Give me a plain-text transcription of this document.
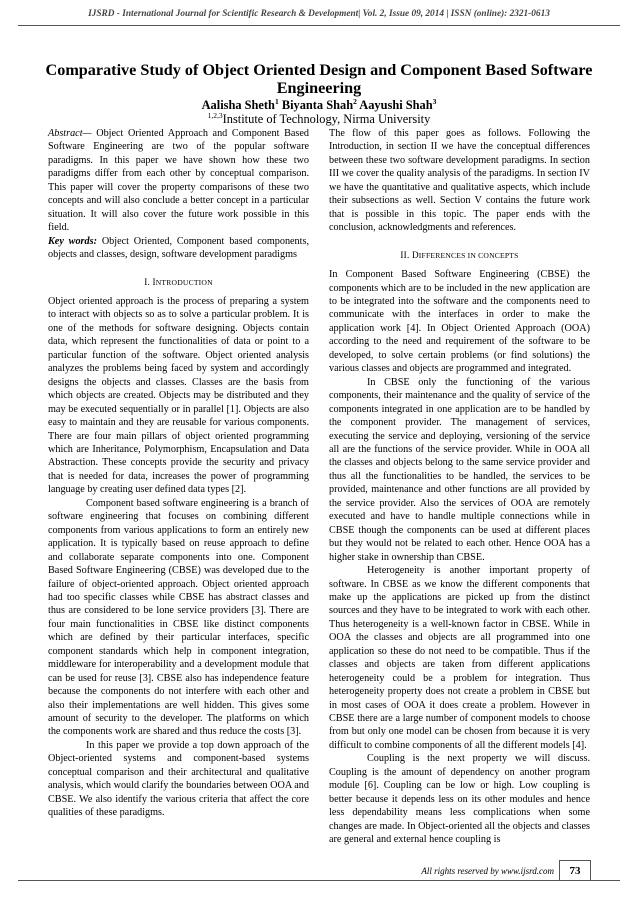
IJSRD - International Journal for Scientific Research & Development| Vol. 2, Issue 09, 2014 | ISSN (online): 2321-0613
Comparative Study of Object Oriented Design and Component Based Software Engineering
Aalisha Sheth$^1$ Biyanta Shah$^2$ Aayushi Shah$^3$
$^{1,2,3}$Institute of Technology, Nirma University

Abstract— Object Oriented Approach and Component Based Software Engineering are two of the popular software paradigms. In this paper we have shown how these two paradigms differ from each other by conceptual comparison. This paper will cover the property comparisons of these two concepts and will also conclude a better concept in a particular situation. It will also cover the future work possible in this field.

Key words: Object Oriented, Component based components, objects and classes, design, software development paradigms

I. INTRODUCTION

Object oriented approach is the process of preparing a system to interact with objects so as to solve a particular problem. It is one of the methods for software designing. Objects contain data, which represent the functionalities of data or point to a particular function of the software. Object oriented analysis analyzes the problems being faced by system and accordingly designs the objects and classes. Classes are the basis from which objects are created. Objects may be distributed and they may be executed sequentially or in parallel [1]. Objects are also easy to maintain and they are reusable for various components. There are four main pillars of object oriented programming which are Inheritance, Polymorphism, Encapsulation and Data Abstraction. These concepts provide the security and privacy that is needed for data, increases the power of programming language by creating user defined data types [2].

Component based software engineering is a branch of software engineering that focuses on combining different components from various applications to form an entirely new application. It is typically based on reuse approach to define and collaborate separate components into one. Component Based Software Engineering (CBSE) was developed due to the failure of object-oriented approach. Object oriented approach had too specific classes while CBSE has abstract classes and thus are considered to be lone service providers [3]. There are four main functionalities in CBSE like distinct components which are defined by their particular interfaces, specific component standards which help in component integration, middleware for interoperability and a development module that can be used for reuse [3]. CBSE also has independence feature because the components do not interfere with each other and also their implementations are well hidden. This gives some amount of security to the developer. The platforms on which the components work are shared and thus reduce the costs [3].

In this paper we provide a top down approach of the Object-oriented systems and component-based systems conceptual comparison and their architectural and qualitative analysis, which would clarify the boundaries between OOA and CBSE. We also identify the various criteria that affect the core qualities of these paradigms.

The flow of this paper goes as follows. Following the Introduction, in section II we have the conceptual differences between these two software development paradigms. In section III we cover the quality analysis of the paradigms. In section IV we have the quantitative and qualitative aspects, which include their subsections as well. Section V contains the future work that is possible in this topic. The paper ends with the conclusion, acknowledgments and references.

II. DIFFERENCES IN CONCEPTS

In Component Based Software Engineering (CBSE) the components which are to be included in the new application are to be integrated into the software and the components need to communicate with the interfaces in order to make the application work [4]. In Object Oriented Approach (OOA) according to the need and requirement of the software to be developed, to solve certain problems (or find solutions) the various classes and objects are programmed and integrated.

In CBSE only the functioning of the various components, their maintenance and the quality of service of the components integrated in one application are to be handled by the component provider. The management of services, executing the service and deploying, versioning of the service all are the functions of the service provider. While in OOA all the classes and objects belong to the same service provider and thus all the functionalities to be handled, the services to be provided, maintenance and other functions are all provided by the service provider. Also the services of OOA are remotely executed and have to handle multiple connections while in CBSE though the components can be used at different places but they would not be related to each other. Hence OOA has a higher stake in ownership than CBSE.

Heterogeneity is another important property of software. In CBSE as we know the different components that make up the applications are picked up from the distinct sources and they have to be integrated to work with each other. Thus heterogeneity is a well-known factor in CBSE. While in OOA the classes and objects are all programmed into one application so these do not need to be compatible. Thus if the classes and objects are taken from different applications heterogeneity could be a problem for integration. Thus heterogeneity property does not create a problem in CBSE but in most cases of OOA it does create a problem. However in CBSE there are a large number of component models to choose from but only one model can be chosen from because it is very difficult to combine components of all the different models [4].

Coupling is the next property we will discuss. Coupling is the amount of dependency on another program module [6]. Coupling can be low or high. Low coupling is better because it depends less on its other modules and hence less dependability means less complications when some changes are made. In Object-oriented all the objects and classes are general and external hence coupling is

All rights reserved by www.ijsrd.com	73
